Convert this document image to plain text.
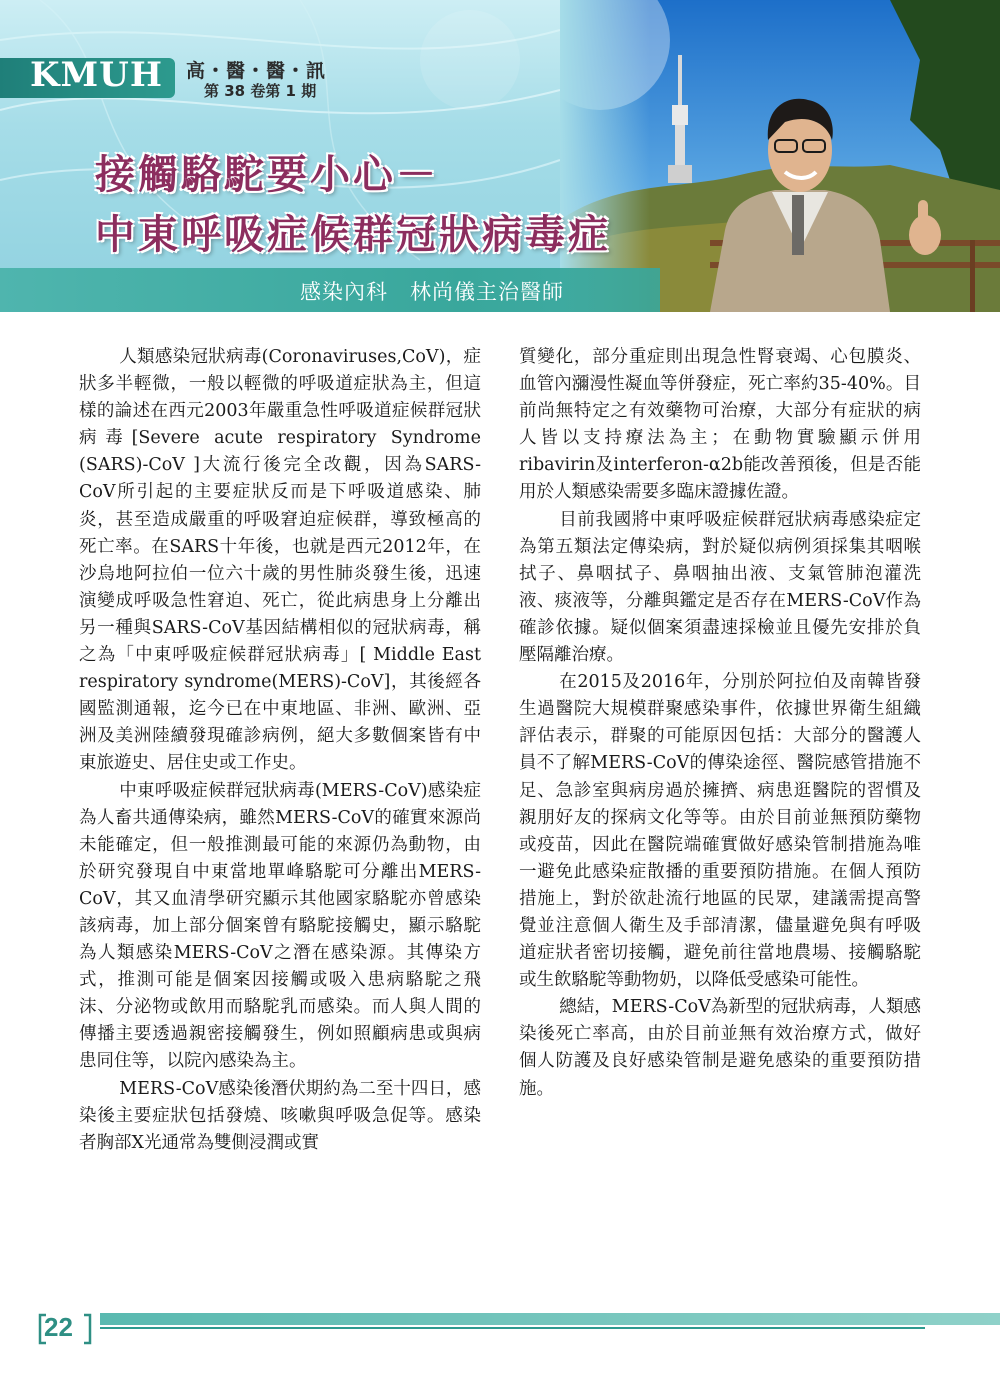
KMUH 高・醫・醫・訊
第 38 卷第 1 期
接觸駱駝要小心－
中東呼吸症候群冠狀病毒症
感染內科　林尚儀主治醫師

人類感染冠狀病毒(Coronaviruses,CoV)，症狀多半輕微，一般以輕微的呼吸道症狀為主，但這樣的論述在西元2003年嚴重急性呼吸道症候群冠狀病毒[Severe acute respiratory Syndrome (SARS)-CoV ]大流行後完全改觀，因為SARS-CoV所引起的主要症狀反而是下呼吸道感染、肺炎，甚至造成嚴重的呼吸窘迫症候群，導致極高的死亡率。在SARS十年後，也就是西元2012年，在沙烏地阿拉伯一位六十歲的男性肺炎發生後，迅速演變成呼吸急性窘迫、死亡，從此病患身上分離出另一種與SARS-CoV基因結構相似的冠狀病毒，稱之為「中東呼吸症候群冠狀病毒」[ Middle East respiratory syndrome(MERS)-CoV]，其後經各國監測通報，迄今已在中東地區、非洲、歐洲、亞洲及美洲陸續發現確診病例，絕大多數個案皆有中東旅遊史、居住史或工作史。

中東呼吸症候群冠狀病毒(MERS-CoV)感染症為人畜共通傳染病，雖然MERS-CoV的確實來源尚未能確定，但一般推測最可能的來源仍為動物，由於研究發現自中東當地單峰駱駝可分離出MERS-CoV，其又血清學研究顯示其他國家駱駝亦曾感染該病毒，加上部分個案曾有駱駝接觸史，顯示駱駝為人類感染MERS-CoV之潛在感染源。其傳染方式，推測可能是個案因接觸或吸入患病駱駝之飛沫、分泌物或飲用而駱駝乳而感染。而人與人間的傳播主要透過親密接觸發生，例如照顧病患或與病患同住等，以院內感染為主。

MERS-CoV感染後潛伏期約為二至十四日，感染後主要症狀包括發燒、咳嗽與呼吸急促等。感染者胸部X光通常為雙側浸潤或實

質變化，部分重症則出現急性腎衰竭、心包膜炎、血管內瀰漫性凝血等併發症，死亡率約35-40%。目前尚無特定之有效藥物可治療，大部分有症狀的病人皆以支持療法為主；在動物實驗顯示併用ribavirin及interferon-α2b能改善預後，但是否能用於人類感染需要多臨床證據佐證。

目前我國將中東呼吸症候群冠狀病毒感染症定為第五類法定傳染病，對於疑似病例須採集其咽喉拭子、鼻咽拭子、鼻咽抽出液、支氣管肺泡灌洗液、痰液等，分離與鑑定是否存在MERS-CoV作為確診依據。疑似個案須盡速採檢並且優先安排於負壓隔離治療。

在2015及2016年，分別於阿拉伯及南韓皆發生過醫院大規模群聚感染事件，依據世界衛生組織評估表示，群聚的可能原因包括：大部分的醫護人員不了解MERS-CoV的傳染途徑、醫院感管措施不足、急診室與病房過於擁擠、病患逛醫院的習慣及親朋好友的探病文化等等。由於目前並無預防藥物或疫苗，因此在醫院端確實做好感染管制措施為唯一避免此感染症散播的重要預防措施。在個人預防措施上，對於欲赴流行地區的民眾，建議需提高警覺並注意個人衛生及手部清潔，儘量避免與有呼吸道症狀者密切接觸，避免前往當地農場、接觸駱駝或生飲駱駝等動物奶，以降低受感染可能性。

總結，MERS-CoV為新型的冠狀病毒，人類感染後死亡率高，由於目前並無有效治療方式，做好個人防護及良好感染管制是避免感染的重要預防措施。

22
